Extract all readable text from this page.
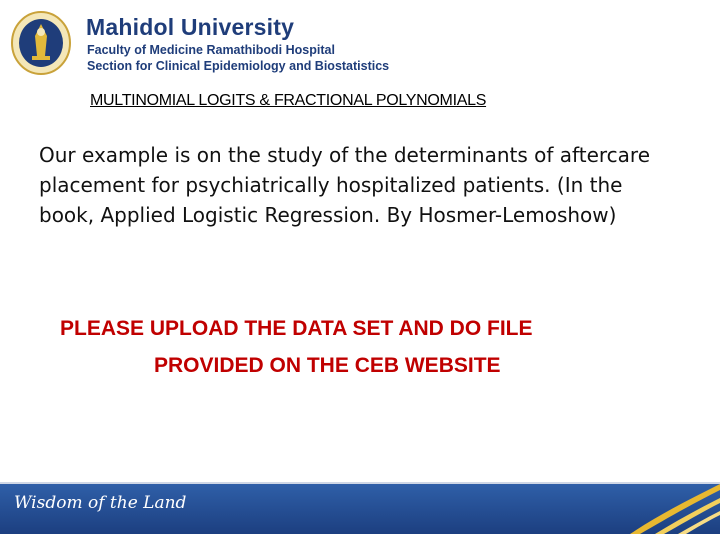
Mahidol University
Faculty of Medicine Ramathibodi Hospital
Section for Clinical Epidemiology and Biostatistics
MULTINOMIAL LOGITS & FRACTIONAL POLYNOMIALS
Our example is on the study of the determinants of aftercare placement for psychiatrically hospitalized patients. (In the book, Applied Logistic Regression. By Hosmer-Lemoshow)
PLEASE UPLOAD THE DATA SET AND DO FILE
PROVIDED ON THE CEB WEBSITE
Wisdom of the Land
